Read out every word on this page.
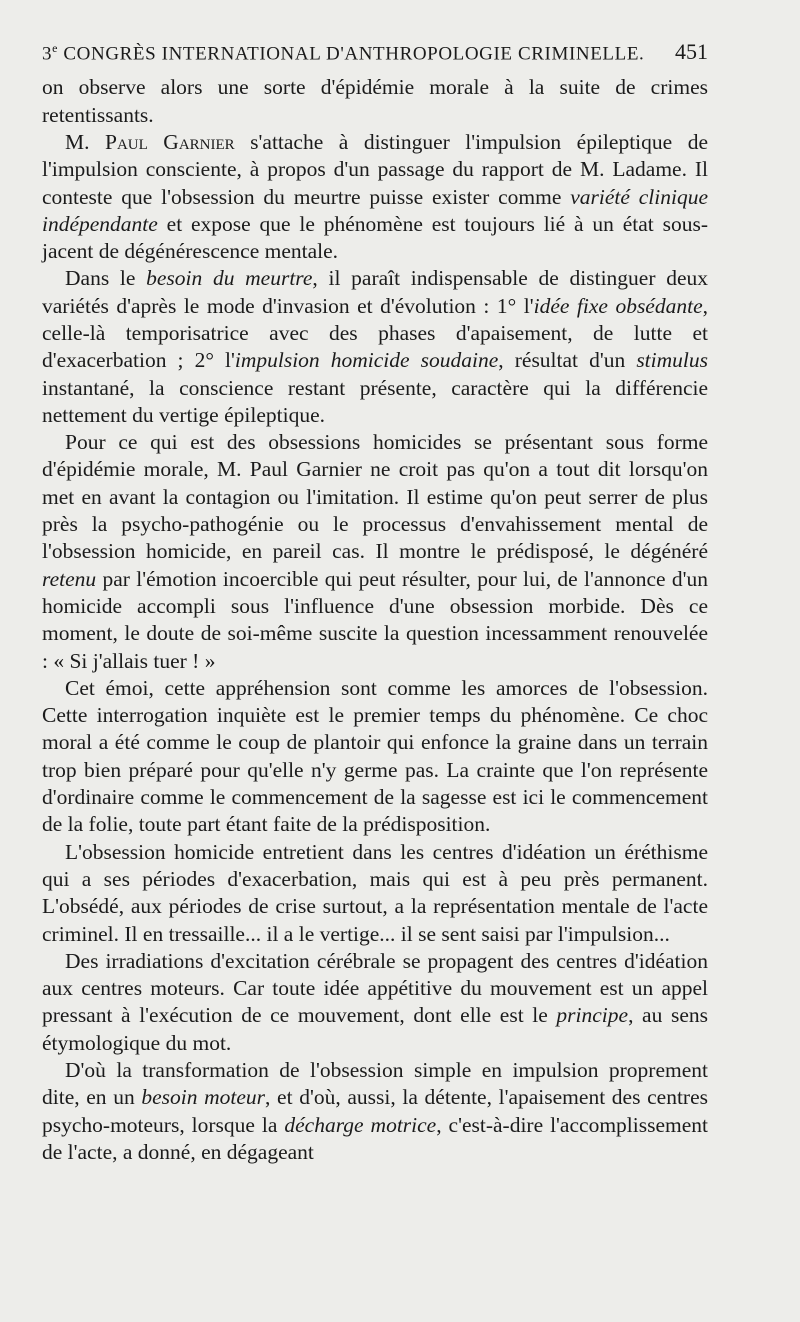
3e CONGRÈS INTERNATIONAL D'ANTHROPOLOGIE CRIMINELLE. 451

on observe alors une sorte d'épidémie morale à la suite de crimes retentissants.

M. Paul Garnier s'attache à distinguer l'impulsion épileptique de l'impulsion consciente, à propos d'un passage du rapport de M. Ladame. Il conteste que l'obsession du meurtre puisse exister comme variété clinique indépendante et expose que le phénomène est toujours lié à un état sous-jacent de dégénérescence mentale.

Dans le besoin du meurtre, il paraît indispensable de distinguer deux variétés d'après le mode d'invasion et d'évolution : 1° l'idée fixe obsédante, celle-là temporisatrice avec des phases d'apaisement, de lutte et d'exacerbation ; 2° l'impulsion homicide soudaine, résultat d'un stimulus instantané, la conscience restant présente, caractère qui la différencie nettement du vertige épileptique.

Pour ce qui est des obsessions homicides se présentant sous forme d'épidémie morale, M. Paul Garnier ne croit pas qu'on a tout dit lorsqu'on met en avant la contagion ou l'imitation. Il estime qu'on peut serrer de plus près la psycho-pathogénie ou le processus d'envahissement mental de l'obsession homicide, en pareil cas. Il montre le prédisposé, le dégénéré retenu par l'émotion incoercible qui peut résulter, pour lui, de l'annonce d'un homicide accompli sous l'influence d'une obsession morbide. Dès ce moment, le doute de soi-même suscite la question incessamment renouvelée : « Si j'allais tuer ! »

Cet émoi, cette appréhension sont comme les amorces de l'obsession. Cette interrogation inquiète est le premier temps du phénomène. Ce choc moral a été comme le coup de plantoir qui enfonce la graine dans un terrain trop bien préparé pour qu'elle n'y germe pas. La crainte que l'on représente d'ordinaire comme le commencement de la sagesse est ici le commencement de la folie, toute part étant faite de la prédisposition.

L'obsession homicide entretient dans les centres d'idéation un éréthisme qui a ses périodes d'exacerbation, mais qui est à peu près permanent. L'obsédé, aux périodes de crise surtout, a la représentation mentale de l'acte criminel. Il en tressaille... il a le vertige... il se sent saisi par l'impulsion...

Des irradiations d'excitation cérébrale se propagent des centres d'idéation aux centres moteurs. Car toute idée appétitive du mouvement est un appel pressant à l'exécution de ce mouvement, dont elle est le principe, au sens étymologique du mot.

D'où la transformation de l'obsession simple en impulsion proprement dite, en un besoin moteur, et d'où, aussi, la détente, l'apaisement des centres psycho-moteurs, lorsque la décharge motrice, c'est-à-dire l'accomplissement de l'acte, a donné, en dégageant
